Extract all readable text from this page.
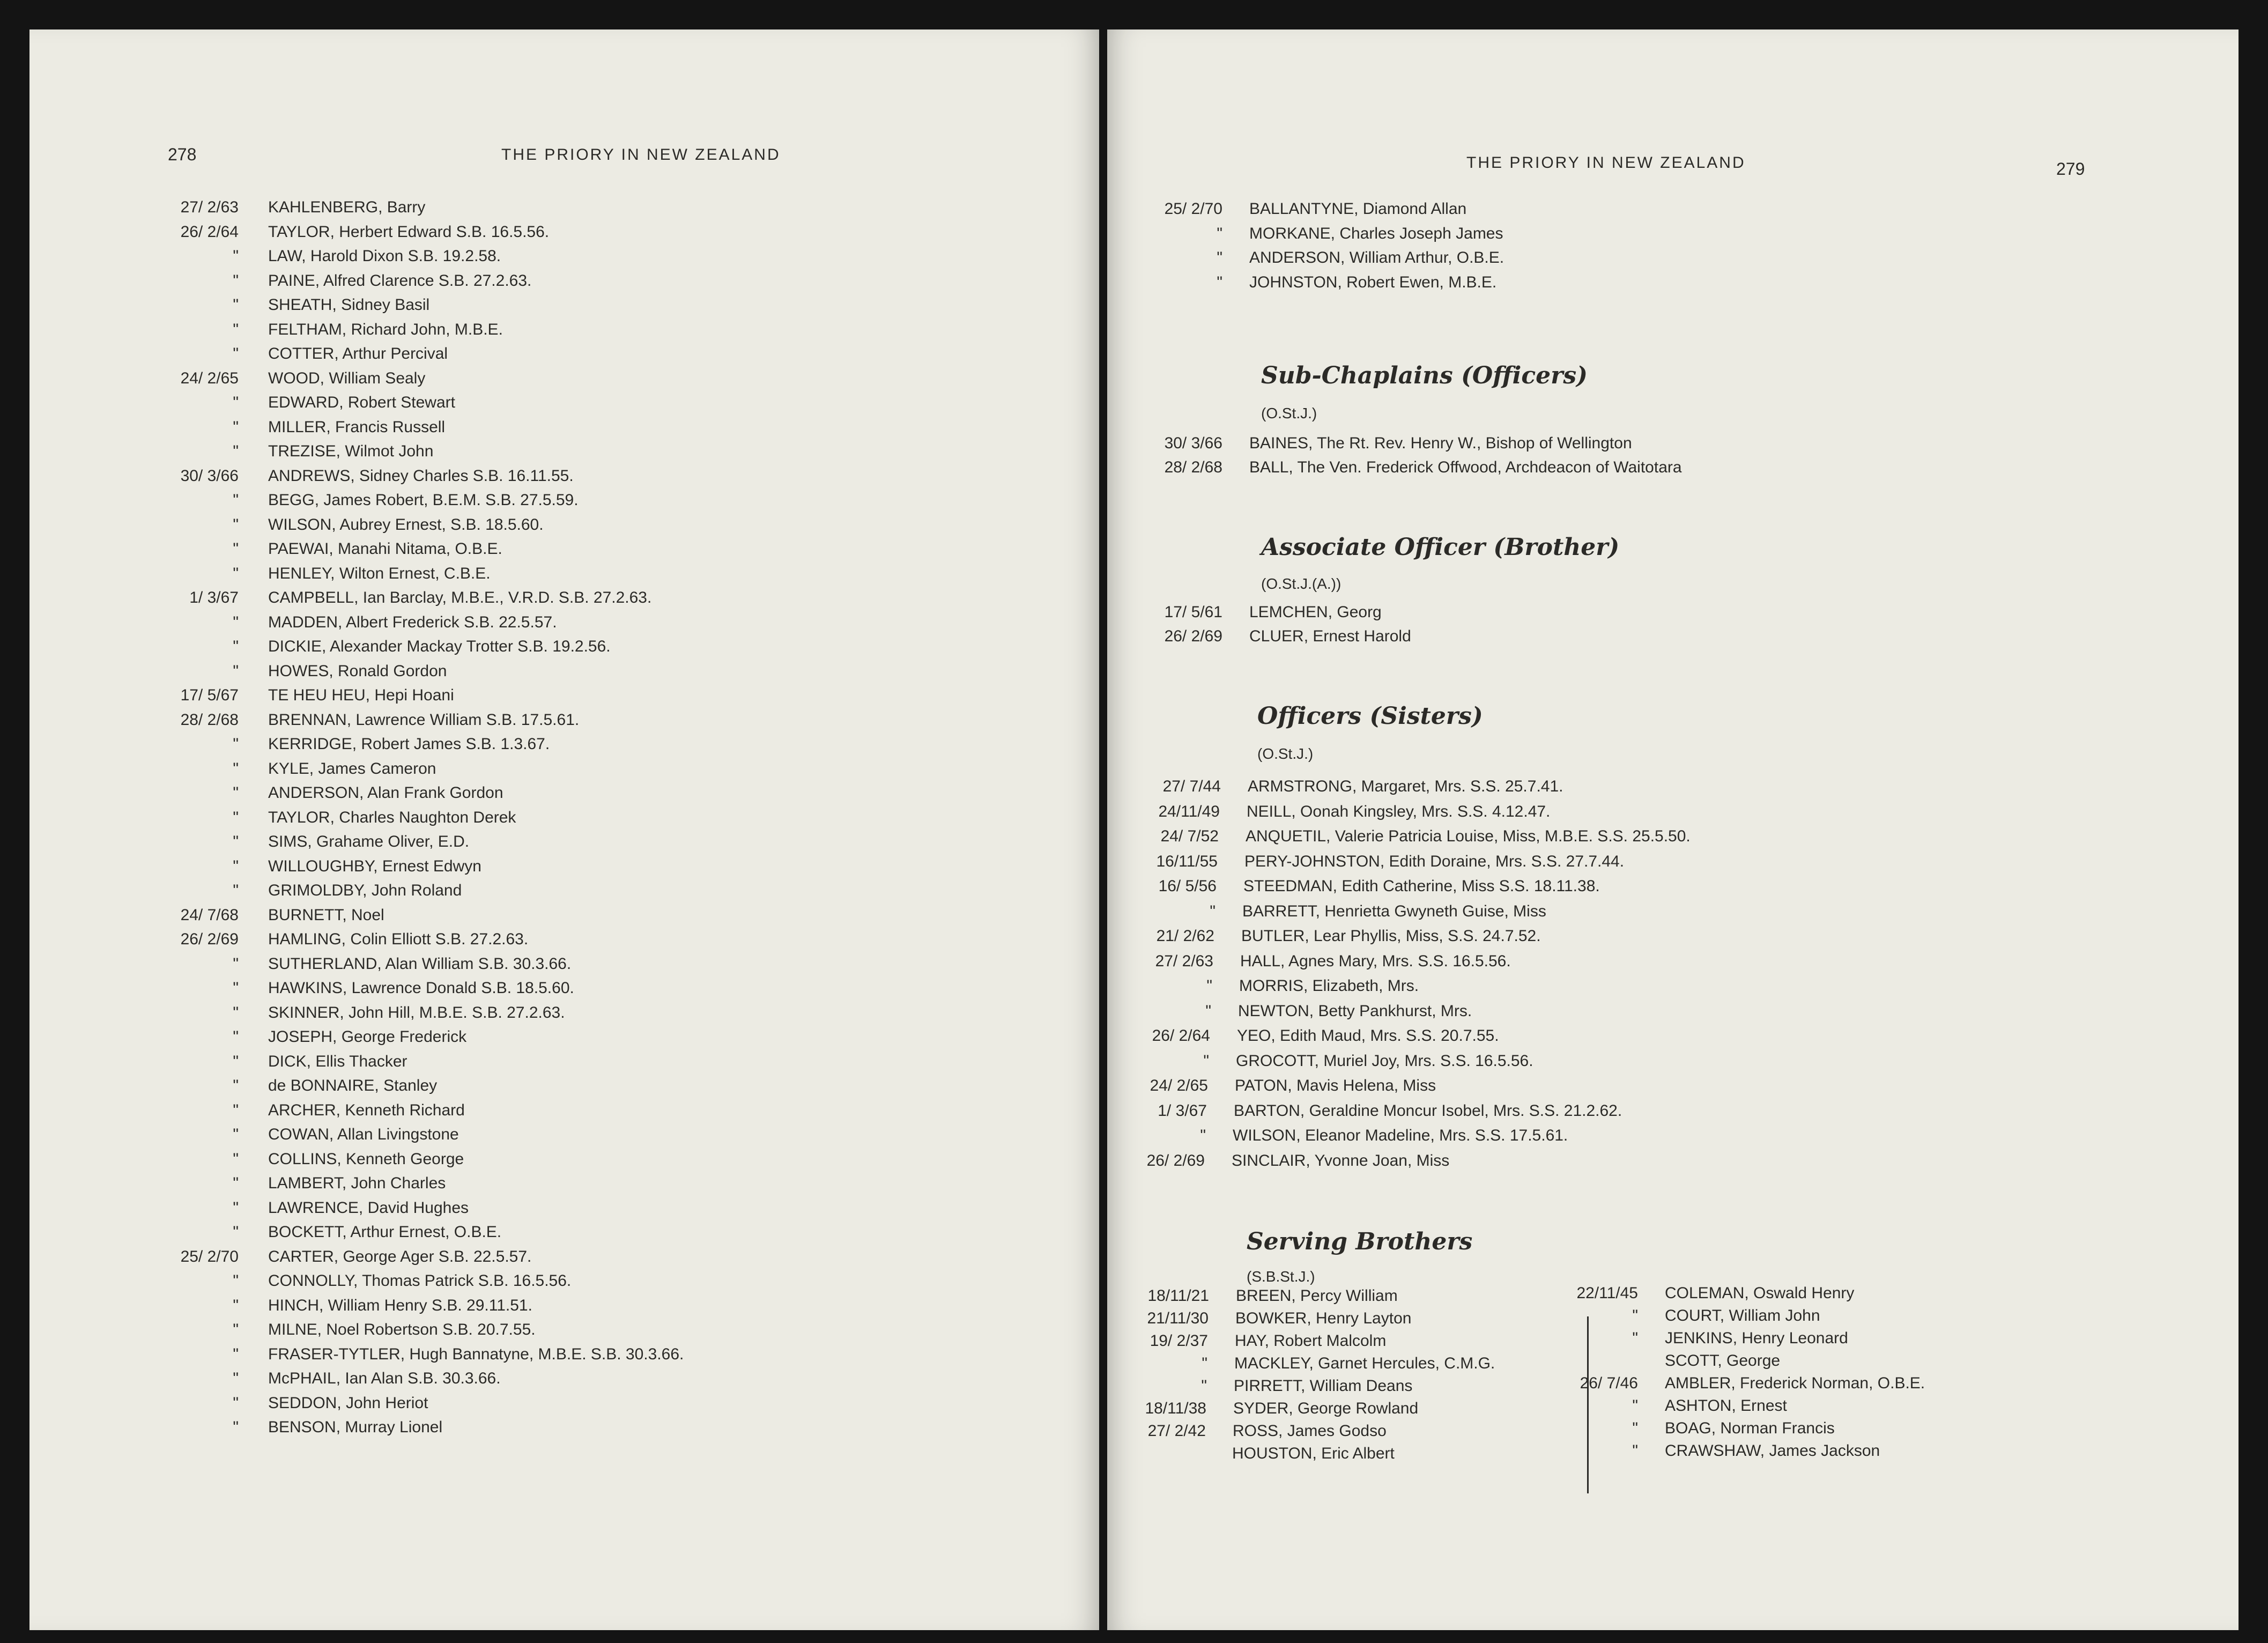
278	THE PRIORY IN NEW ZEALAND
27/ 2/63 KAHLENBERG, Barry
26/ 2/64 TAYLOR, Herbert Edward S.B. 16.5.56.
" LAW, Harold Dixon S.B. 19.2.58.
" PAINE, Alfred Clarence S.B. 27.2.63.
" SHEATH, Sidney Basil
" FELTHAM, Richard John, M.B.E.
" COTTER, Arthur Percival
24/ 2/65 WOOD, William Sealy
" EDWARD, Robert Stewart
" MILLER, Francis Russell
" TREZISE, Wilmot John
30/ 3/66 ANDREWS, Sidney Charles S.B. 16.11.55.
" BEGG, James Robert, B.E.M. S.B. 27.5.59.
" WILSON, Aubrey Ernest, S.B. 18.5.60.
" PAEWAI, Manahi Nitama, O.B.E.
" HENLEY, Wilton Ernest, C.B.E.
1/ 3/67 CAMPBELL, Ian Barclay, M.B.E., V.R.D. S.B. 27.2.63.
" MADDEN, Albert Frederick S.B. 22.5.57.
" DICKIE, Alexander Mackay Trotter S.B. 19.2.56.
" HOWES, Ronald Gordon
17/ 5/67 TE HEU HEU, Hepi Hoani
28/ 2/68 BRENNAN, Lawrence William S.B. 17.5.61.
" KERRIDGE, Robert James S.B. 1.3.67.
" KYLE, James Cameron
" ANDERSON, Alan Frank Gordon
" TAYLOR, Charles Naughton Derek
" SIMS, Grahame Oliver, E.D.
" WILLOUGHBY, Ernest Edwyn
" GRIMOLDBY, John Roland
24/ 7/68 BURNETT, Noel
26/ 2/69 HAMLING, Colin Elliott S.B. 27.2.63.
" SUTHERLAND, Alan William S.B. 30.3.66.
" HAWKINS, Lawrence Donald S.B. 18.5.60.
" SKINNER, John Hill, M.B.E. S.B. 27.2.63.
" JOSEPH, George Frederick
" DICK, Ellis Thacker
" de BONNAIRE, Stanley
" ARCHER, Kenneth Richard
" COWAN, Allan Livingstone
" COLLINS, Kenneth George
" LAMBERT, John Charles
" LAWRENCE, David Hughes
" BOCKETT, Arthur Ernest, O.B.E.
25/ 2/70 CARTER, George Ager S.B. 22.5.57.
" CONNOLLY, Thomas Patrick S.B. 16.5.56.
" HINCH, William Henry S.B. 29.11.51.
" MILNE, Noel Robertson S.B. 20.7.55.
" FRASER-TYTLER, Hugh Bannatyne, M.B.E. S.B. 30.3.66.
" McPHAIL, Ian Alan S.B. 30.3.66.
" SEDDON, John Heriot
" BENSON, Murray Lionel
THE PRIORY IN NEW ZEALAND	279
25/ 2/70 BALLANTYNE, Diamond Allan
" MORKANE, Charles Joseph James
" ANDERSON, William Arthur, O.B.E.
" JOHNSTON, Robert Ewen, M.B.E.
Sub-Chaplains (Officers)
(O.St.J.)
30/ 3/66 BAINES, The Rt. Rev. Henry W., Bishop of Wellington
28/ 2/68 BALL, The Ven. Frederick Offwood, Archdeacon of Waitotara
Associate Officer (Brother)
(O.St.J.(A.))
17/ 5/61 LEMCHEN, Georg
26/ 2/69 CLUER, Ernest Harold
Officers (Sisters)
(O.St.J.)
27/ 7/44 ARMSTRONG, Margaret, Mrs. S.S. 25.7.41.
24/11/49 NEILL, Oonah Kingsley, Mrs. S.S. 4.12.47.
24/ 7/52 ANQUETIL, Valerie Patricia Louise, Miss, M.B.E. S.S. 25.5.50.
16/11/55 PERY-JOHNSTON, Edith Doraine, Mrs. S.S. 27.7.44.
16/ 5/56 STEEDMAN, Edith Catherine, Miss S.S. 18.11.38.
" BARRETT, Henrietta Gwyneth Guise, Miss
21/ 2/62 BUTLER, Lear Phyllis, Miss, S.S. 24.7.52.
27/ 2/63 HALL, Agnes Mary, Mrs. S.S. 16.5.56.
" MORRIS, Elizabeth, Mrs.
" NEWTON, Betty Pankhurst, Mrs.
26/ 2/64 YEO, Edith Maud, Mrs. S.S. 20.7.55.
" GROCOTT, Muriel Joy, Mrs. S.S. 16.5.56.
24/ 2/65 PATON, Mavis Helena, Miss
1/ 3/67 BARTON, Geraldine Moncur Isobel, Mrs. S.S. 21.2.62.
" WILSON, Eleanor Madeline, Mrs. S.S. 17.5.61.
26/ 2/69 SINCLAIR, Yvonne Joan, Miss
Serving Brothers
(S.B.St.J.)
18/11/21 BREEN, Percy William
21/11/30 BOWKER, Henry Layton
19/ 2/37 HAY, Robert Malcolm
" MACKLEY, Garnet Hercules, C.M.G.
" PIRRETT, William Deans
18/11/38 SYDER, George Rowland
27/ 2/42 ROSS, James Godso
HOUSTON, Eric Albert
22/11/45 COLEMAN, Oswald Henry
" COURT, William John
" JENKINS, Henry Leonard
SCOTT, George
26/ 7/46 AMBLER, Frederick Norman, O.B.E.
" ASHTON, Ernest
" BOAG, Norman Francis
" CRAWSHAW, James Jackson
